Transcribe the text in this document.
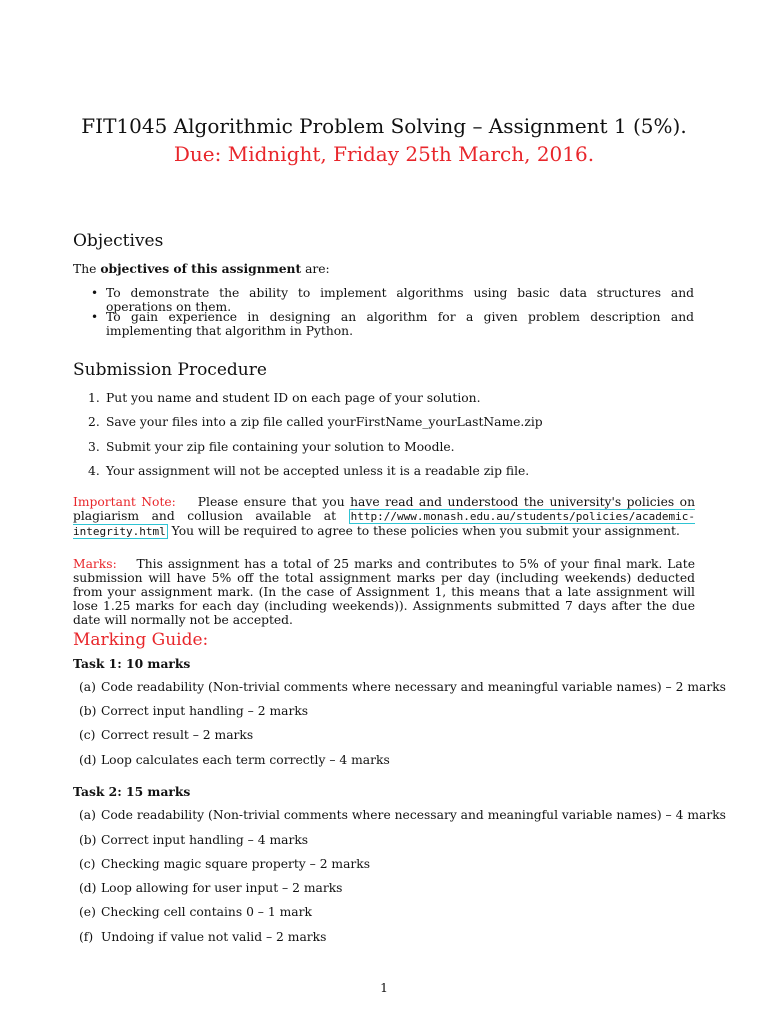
FIT1045 Algorithmic Problem Solving – Assignment 1 (5%).
Due: Midnight, Friday 25th March, 2016.
Objectives

The objectives of this assignment are:

• To demonstrate the ability to implement algorithms using basic data structures and operations on them.

• To gain experience in designing an algorithm for a given problem description and implementing that algorithm in Python.

Submission Procedure
1. Put you name and student ID on each page of your solution.
2. Save your files into a zip file called yourFirstName_yourLastName.zip
3. Submit your zip file containing your solution to Moodle.
4. Your assignment will not be accepted unless it is a readable zip file.

Important Note: Please ensure that you have read and understood the university's policies on plagiarism and collusion available at http://www.monash.edu.au/students/policies/academic-integrity.html You will be required to agree to these policies when you submit your assignment.

Marks: This assignment has a total of 25 marks and contributes to 5% of your final mark. Late submission will have 5% off the total assignment marks per day (including weekends) deducted from your assignment mark. (In the case of Assignment 1, this means that a late assignment will lose 1.25 marks for each day (including weekends)). Assignments submitted 7 days after the due date will normally not be accepted.

Marking Guide:
Task 1: 10 marks
(a) Code readability (Non-trivial comments where necessary and meaningful variable names) – 2 marks
(b) Correct input handling – 2 marks
(c) Correct result – 2 marks
(d) Loop calculates each term correctly – 4 marks
Task 2: 15 marks
(a) Code readability (Non-trivial comments where necessary and meaningful variable names) – 4 marks
(b) Correct input handling – 4 marks
(c) Checking magic square property – 2 marks
(d) Loop allowing for user input – 2 marks
(e) Checking cell contains 0 – 1 mark
(f) Undoing if value not valid – 2 marks
1
